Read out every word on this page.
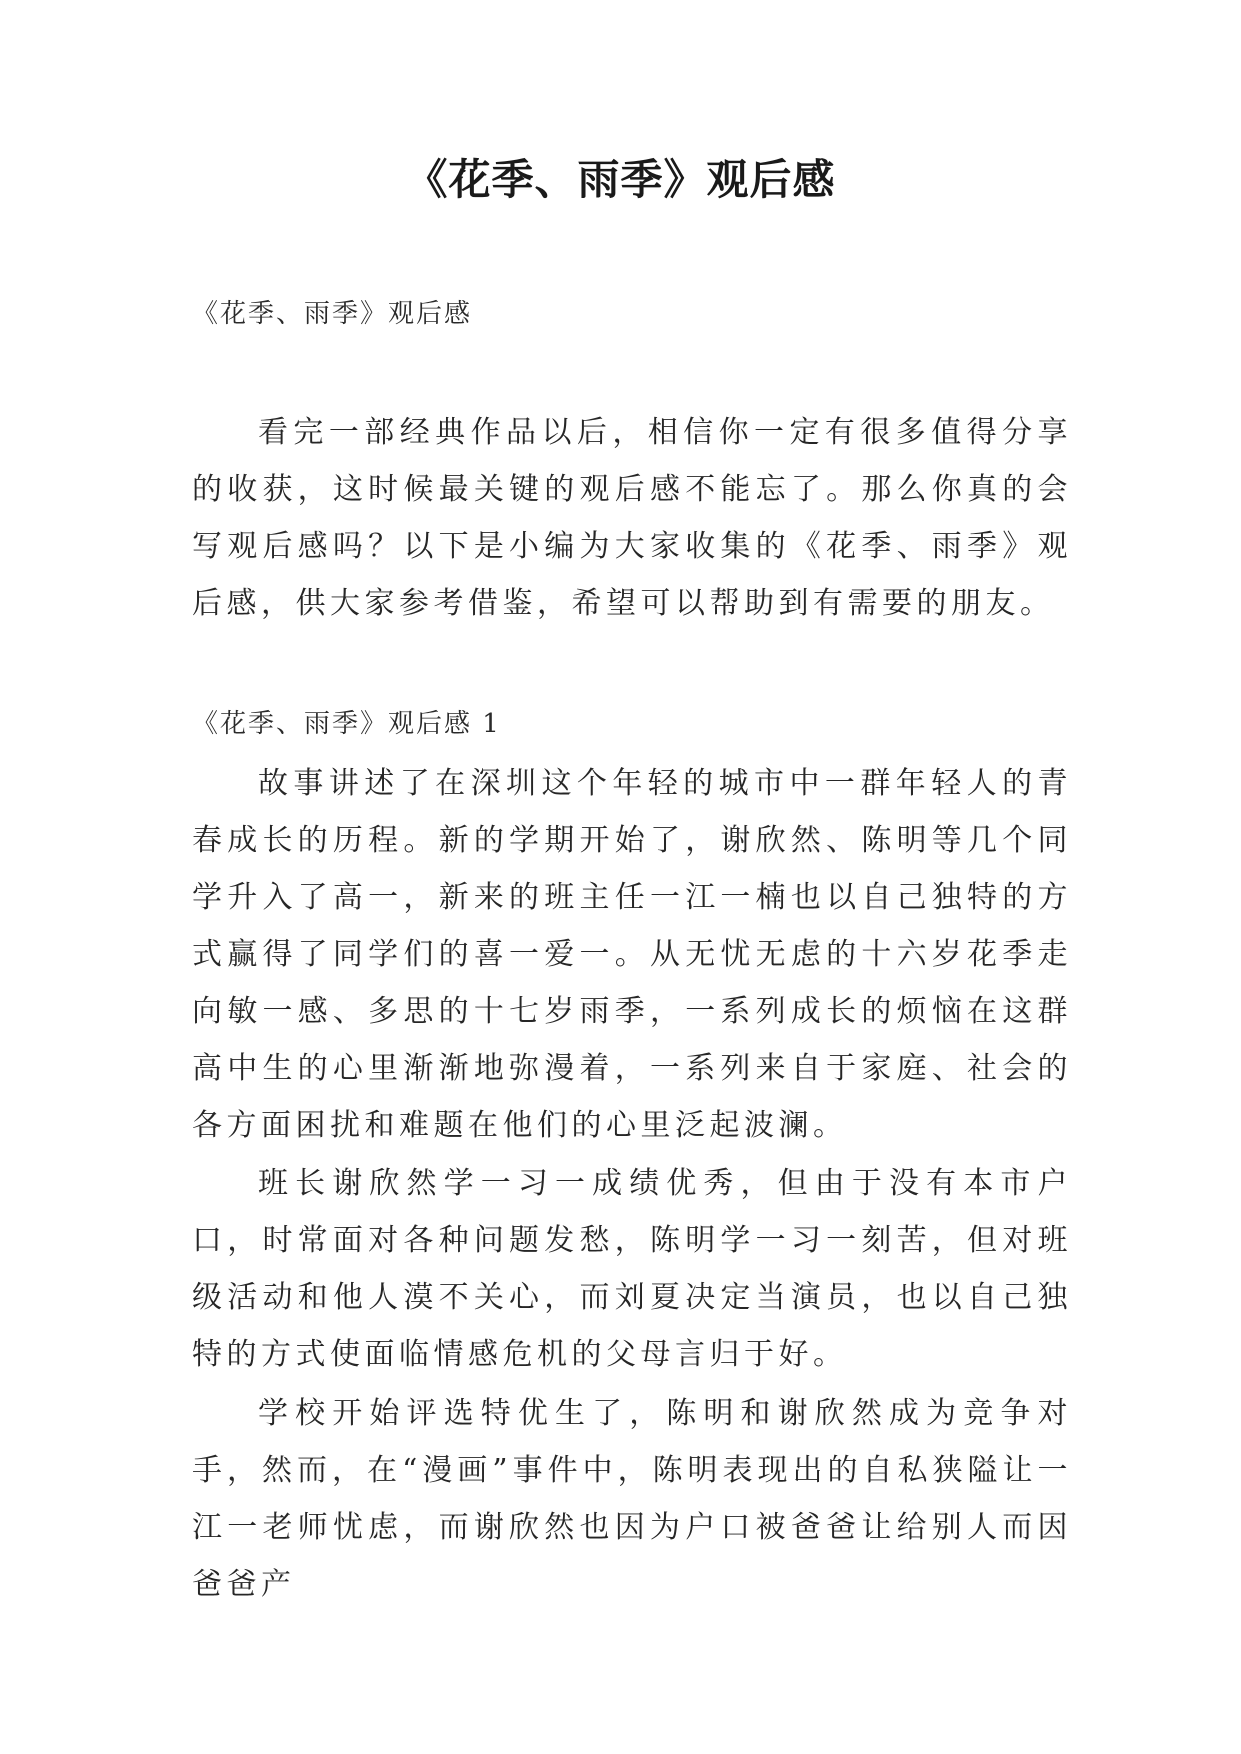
《花季、雨季》观后感
《花季、雨季》观后感

看完一部经典作品以后，相信你一定有很多值得分享的收获，这时候最关键的观后感不能忘了。那么你真的会写观后感吗？以下是小编为大家收集的《花季、雨季》观后感，供大家参考借鉴，希望可以帮助到有需要的朋友。

《花季、雨季》观后感 1

故事讲述了在深圳这个年轻的城市中一群年轻人的青春成长的历程。新的学期开始了，谢欣然、陈明等几个同学升入了高一，新来的班主任一江一楠也以自己独特的方式赢得了同学们的喜一爱一。从无忧无虑的十六岁花季走向敏一感、多思的十七岁雨季，一系列成长的烦恼在这群高中生的心里渐渐地弥漫着，一系列来自于家庭、社会的各方面困扰和难题在他们的心里泛起波澜。

班长谢欣然学一习一成绩优秀，但由于没有本市户口，时常面对各种问题发愁，陈明学一习一刻苦，但对班级活动和他人漠不关心，而刘夏决定当演员，也以自己独特的方式使面临情感危机的父母言归于好。

学校开始评选特优生了，陈明和谢欣然成为竞争对手，然而，在“漫画”事件中，陈明表现出的自私狭隘让一江一老师忧虑，而谢欣然也因为户口被爸爸让给别人而因爸爸产
